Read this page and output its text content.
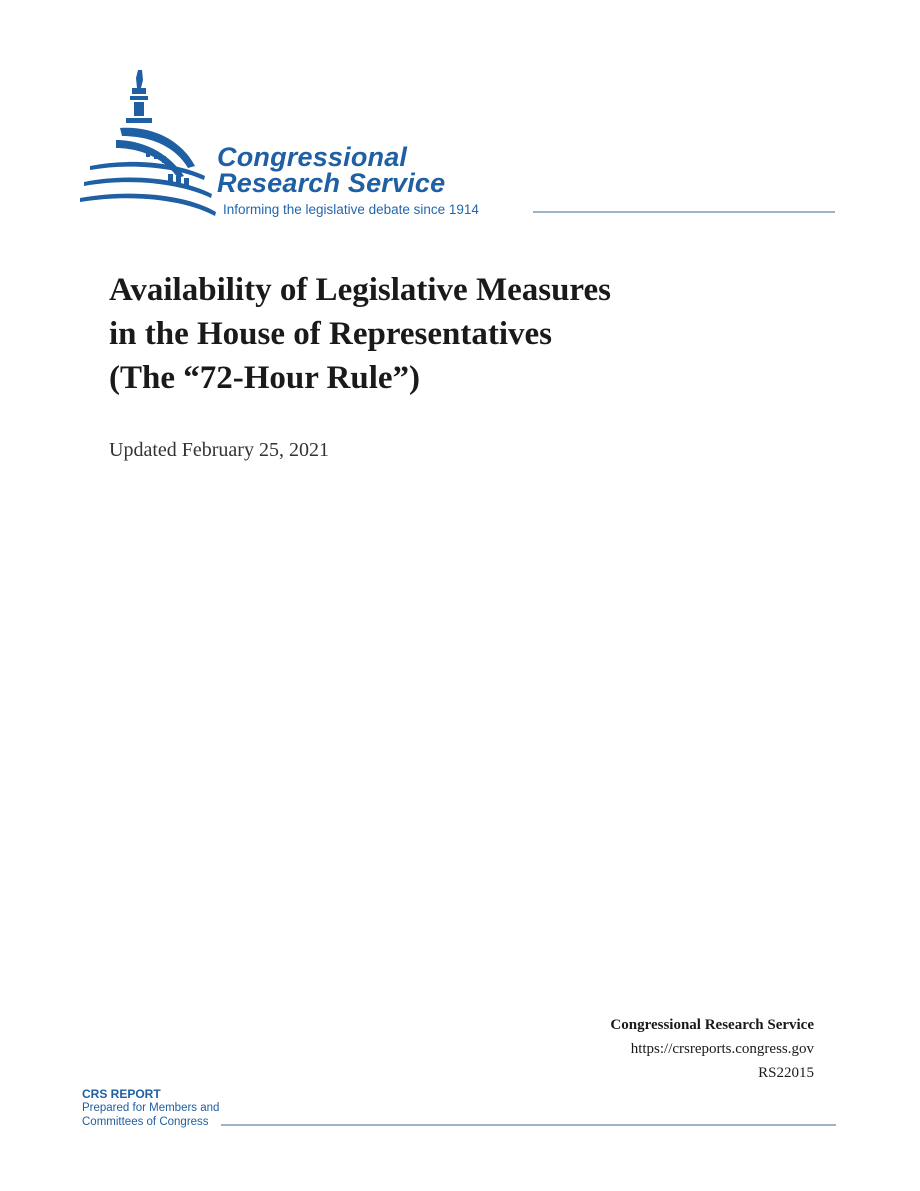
Congressional
Research Service
Informing the legislative debate since 1914
Availability of Legislative Measures
in the House of Representatives
(The “72-Hour Rule”)
Updated February 25, 2021
Congressional Research Service
https://crsreports.congress.gov
RS22015
CRS REPORT
Prepared for Members and
Committees of Congress
